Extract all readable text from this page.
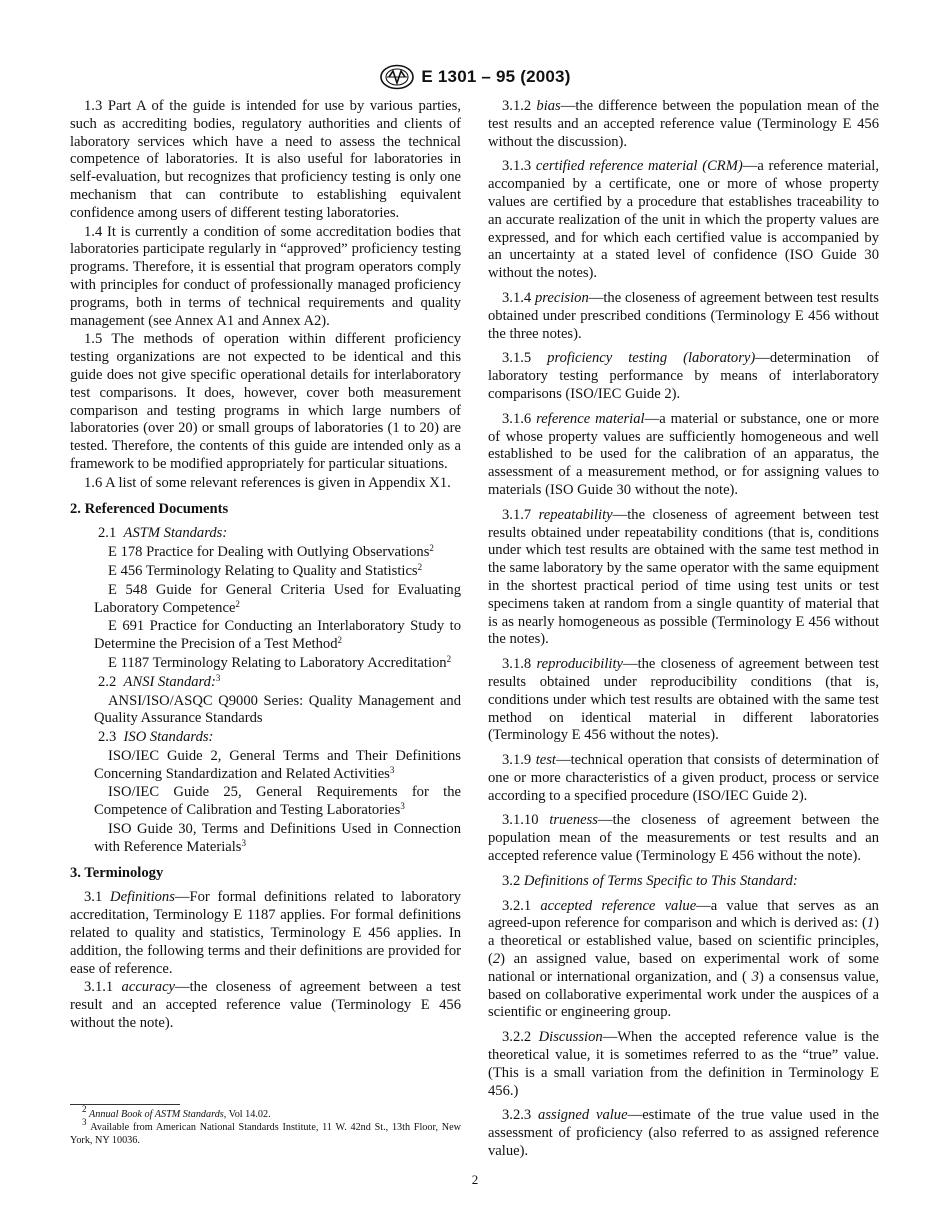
E 1301 – 95 (2003)

1.3 Part A of the guide is intended for use by various parties, such as accrediting bodies, regulatory authorities and clients of laboratory services which have a need to assess the technical competence of laboratories. It is also useful for laboratories in self-evaluation, but recognizes that proficiency testing is only one mechanism that can contribute to establishing equivalent confidence among users of different testing laboratories.

1.4 It is currently a condition of some accreditation bodies that laboratories participate regularly in “approved” proficiency testing programs. Therefore, it is essential that program operators comply with principles for conduct of professionally managed proficiency programs, both in terms of technical requirements and quality management (see Annex A1 and Annex A2).

1.5 The methods of operation within different proficiency testing organizations are not expected to be identical and this guide does not give specific operational details for interlaboratory test comparisons. It does, however, cover both measurement comparison and testing programs in which large numbers of laboratories (over 20) or small groups of laboratories (1 to 20) are tested. Therefore, the contents of this guide are intended only as a framework to be modified appropriately for particular situations.

1.6 A list of some relevant references is given in Appendix X1.

2. Referenced Documents

2.1 ASTM Standards:

E 178 Practice for Dealing with Outlying Observations$^2$

E 456 Terminology Relating to Quality and Statistics$^2$

E 548 Guide for General Criteria Used for Evaluating Laboratory Competence$^2$

E 691 Practice for Conducting an Interlaboratory Study to Determine the Precision of a Test Method$^2$

E 1187 Terminology Relating to Laboratory Accreditation$^2$

2.2 ANSI Standard:$^3$

ANSI/ISO/ASQC Q9000 Series: Quality Management and Quality Assurance Standards

2.3 ISO Standards:

ISO/IEC Guide 2, General Terms and Their Definitions Concerning Standardization and Related Activities$^3$

ISO/IEC Guide 25, General Requirements for the Competence of Calibration and Testing Laboratories$^3$

ISO Guide 30, Terms and Definitions Used in Connection with Reference Materials$^3$

3. Terminology

3.1 Definitions—For formal definitions related to laboratory accreditation, Terminology E 1187 applies. For formal definitions related to quality and statistics, Terminology E 456 applies. In addition, the following terms and their definitions are provided for ease of reference.

3.1.1 accuracy—the closeness of agreement between a test result and an accepted reference value (Terminology E 456 without the note).

$^2$ Annual Book of ASTM Standards, Vol 14.02.

$^3$ Available from American National Standards Institute, 11 W. 42nd St., 13th Floor, New York, NY 10036.

3.1.2 bias—the difference between the population mean of the test results and an accepted reference value (Terminology E 456 without the discussion).

3.1.3 certified reference material (CRM)—a reference material, accompanied by a certificate, one or more of whose property values are certified by a procedure that establishes traceability to an accurate realization of the unit in which the property values are expressed, and for which each certified value is accompanied by an uncertainty at a stated level of confidence (ISO Guide 30 without the notes).

3.1.4 precision—the closeness of agreement between test results obtained under prescribed conditions (Terminology E 456 without the three notes).

3.1.5 proficiency testing (laboratory)—determination of laboratory testing performance by means of interlaboratory comparisons (ISO/IEC Guide 2).

3.1.6 reference material—a material or substance, one or more of whose property values are sufficiently homogeneous and well established to be used for the calibration of an apparatus, the assessment of a measurement method, or for assigning values to materials (ISO Guide 30 without the note).

3.1.7 repeatability—the closeness of agreement between test results obtained under repeatability conditions (that is, conditions under which test results are obtained with the same test method in the same laboratory by the same operator with the same equipment in the shortest practical period of time using test units or test specimens taken at random from a single quantity of material that is as nearly homogeneous as possible (Terminology E 456 without the notes).

3.1.8 reproducibility—the closeness of agreement between test results obtained under reproducibility conditions (that is, conditions under which test results are obtained with the same test method on identical material in different laboratories (Terminology E 456 without the notes).

3.1.9 test—technical operation that consists of determination of one or more characteristics of a given product, process or service according to a specified procedure (ISO/IEC Guide 2).

3.1.10 trueness—the closeness of agreement between the population mean of the measurements or test results and an accepted reference value (Terminology E 456 without the note).

3.2 Definitions of Terms Specific to This Standard:

3.2.1 accepted reference value—a value that serves as an agreed-upon reference for comparison and which is derived as: (1) a theoretical or established value, based on scientific principles, (2) an assigned value, based on experimental work of some national or international organization, and ( 3) a consensus value, based on collaborative experimental work under the auspices of a scientific or engineering group.

3.2.2 Discussion—When the accepted reference value is the theoretical value, it is sometimes referred to as the “true” value. (This is a small variation from the definition in Terminology E 456.)

3.2.3 assigned value—estimate of the true value used in the assessment of proficiency (also referred to as assigned reference value).

2
